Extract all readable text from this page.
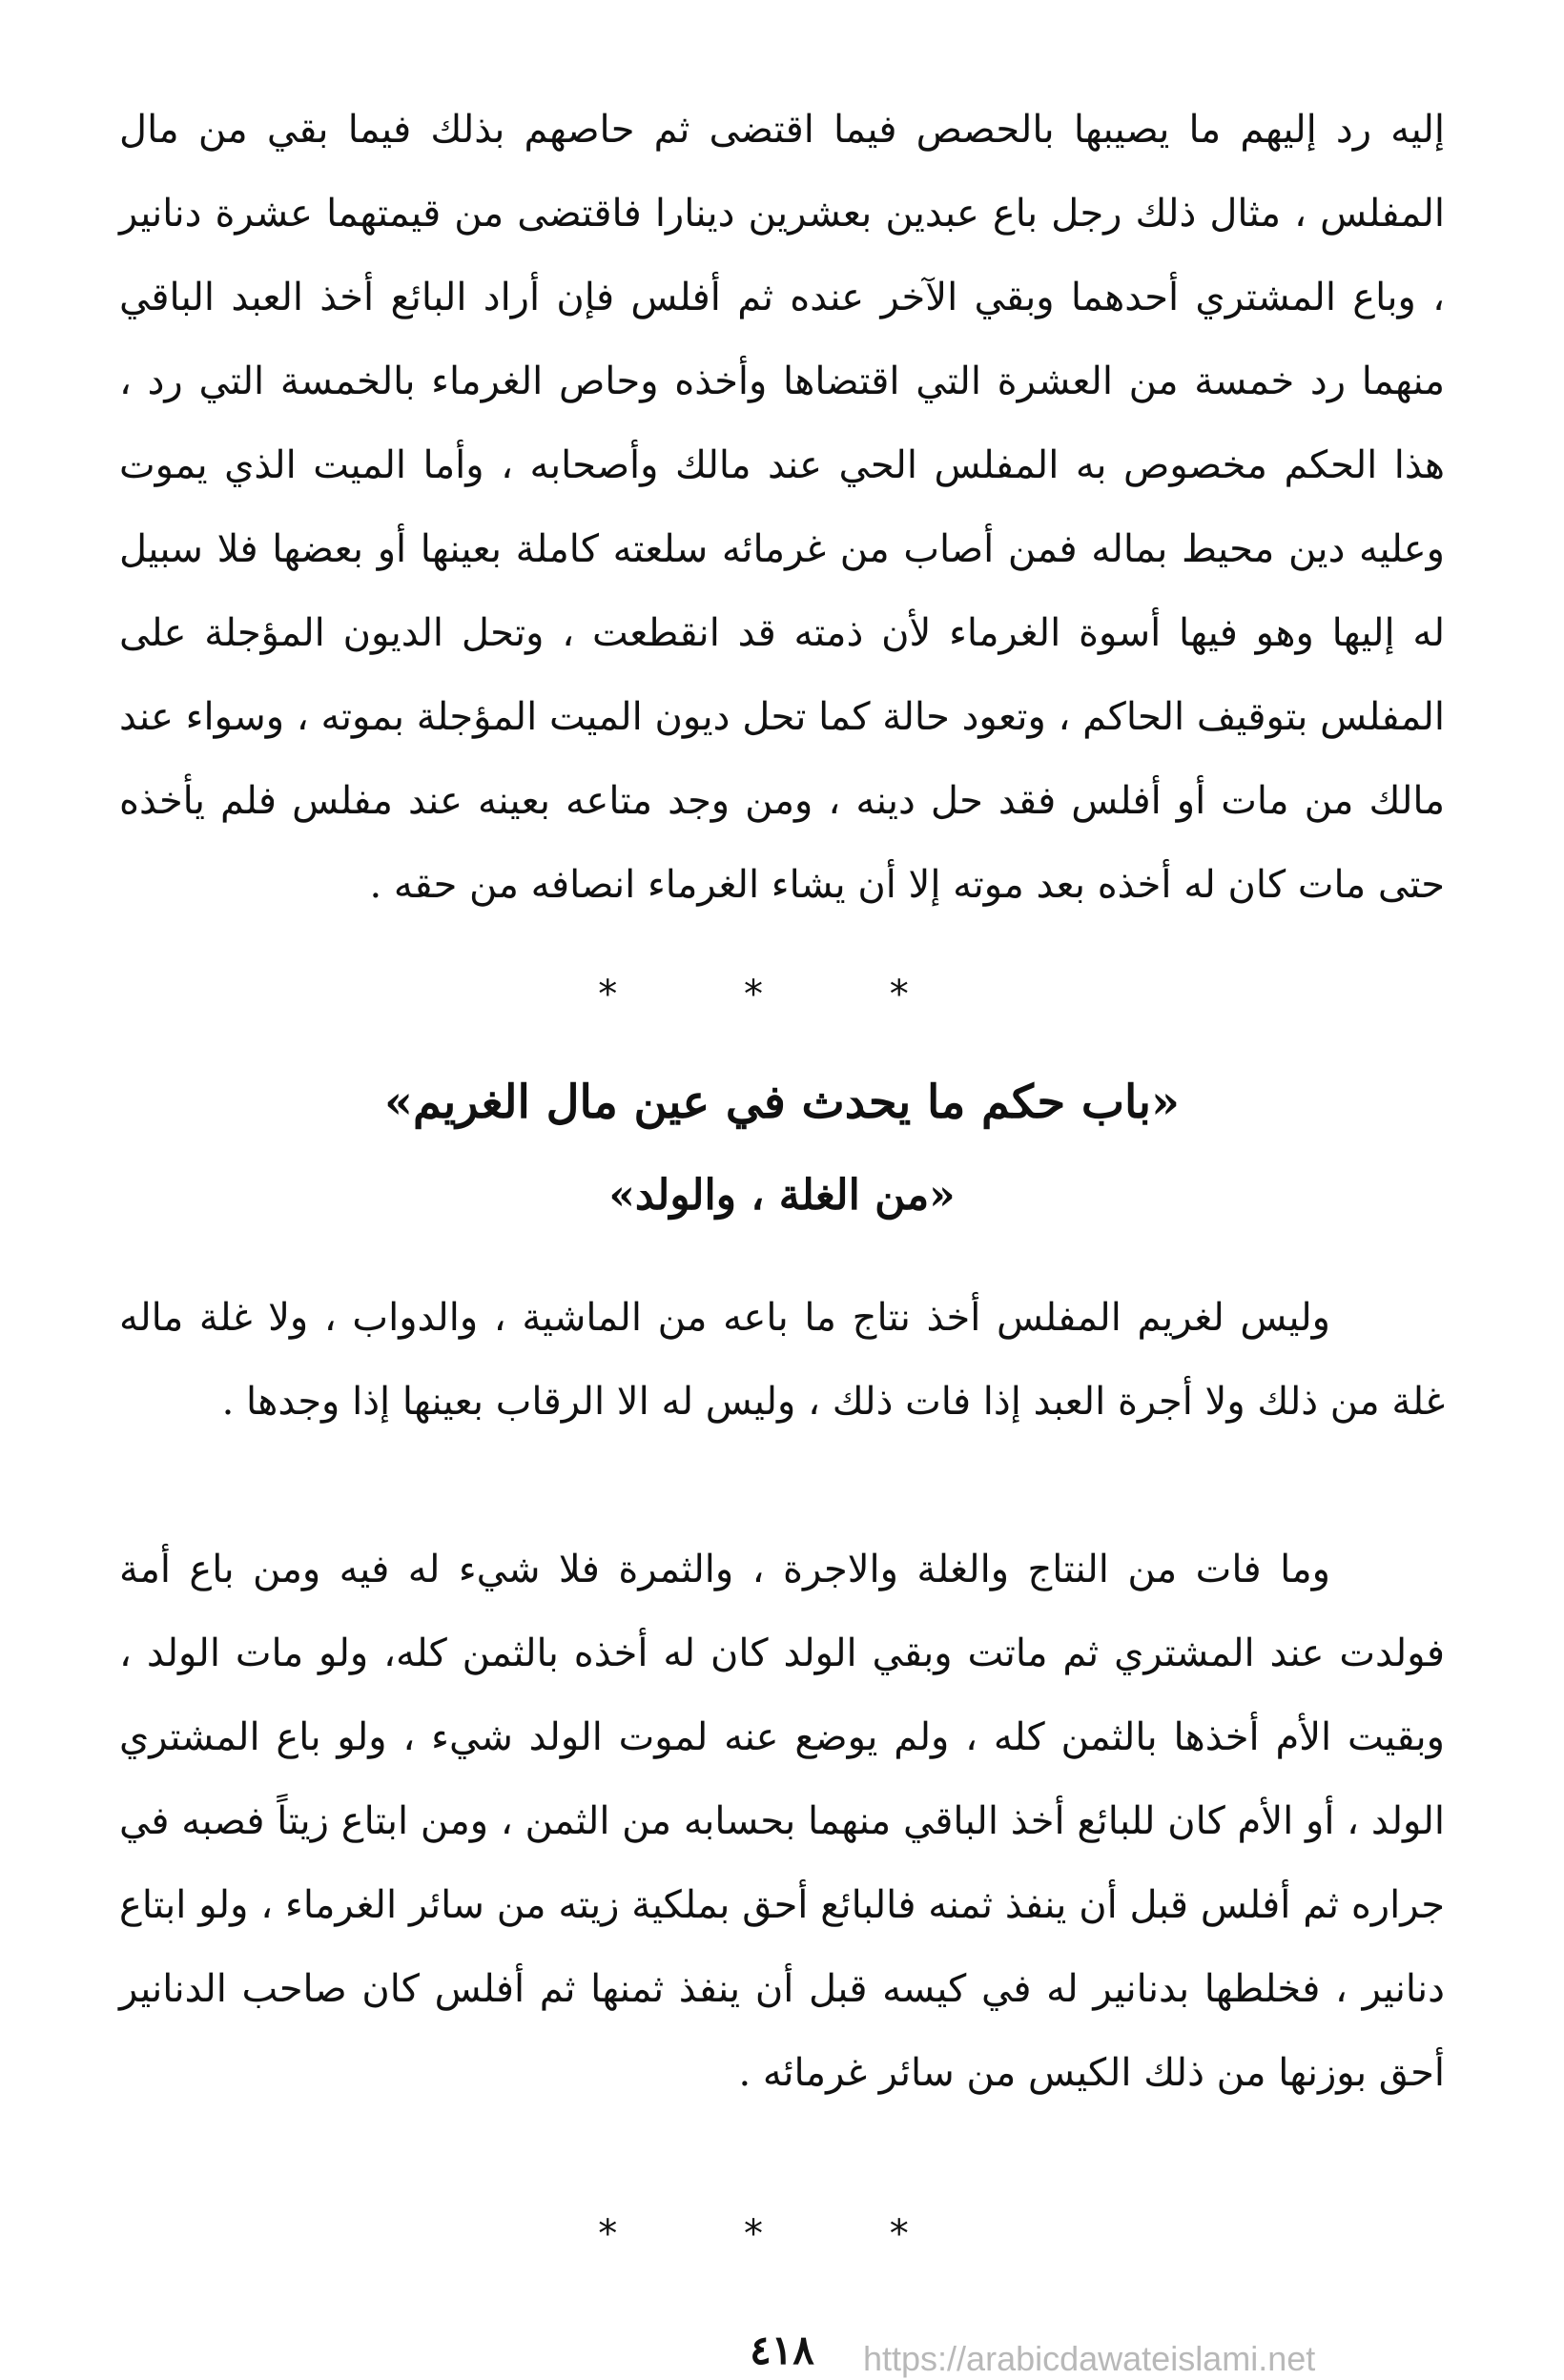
إليه رد إليهم ما يصيبها بالحصص فيما اقتضى ثم حاصهم بذلك فيما بقي من مال المفلس ، مثال ذلك رجل باع عبدين بعشرين دينارا فاقتضى من قيمتهما عشرة دنانير ، وباع المشتري أحدهما وبقي الآخر عنده ثم أفلس فإن أراد البائع أخذ العبد الباقي منهما رد خمسة من العشرة التي اقتضاها وأخذه وحاص الغرماء بالخمسة التي رد ، هذا الحكم مخصوص به المفلس الحي عند مالك وأصحابه ، وأما الميت الذي يموت وعليه دين محيط بماله فمن أصاب من غرمائه سلعته كاملة بعينها أو بعضها فلا سبيل له إليها وهو فيها أسوة الغرماء لأن ذمته قد انقطعت ، وتحل الديون المؤجلة على المفلس بتوقيف الحاكم ، وتعود حالة كما تحل ديون الميت المؤجلة بموته ، وسواء عند مالك من مات أو أفلس فقد حل دينه ، ومن وجد متاعه بعينه عند مفلس فلم يأخذه حتى مات كان له أخذه بعد موته إلا أن يشاء الغرماء انصافه من حقه .

* * *
«باب حكم ما يحدث في عين مال الغريم»
«من الغلة ، والولد»

وليس لغريم المفلس أخذ نتاج ما باعه من الماشية ، والدواب ، ولا غلة ماله غلة من ذلك ولا أجرة العبد إذا فات ذلك ، وليس له الا الرقاب بعينها إذا وجدها .

وما فات من النتاج والغلة والاجرة ، والثمرة فلا شيء له فيه ومن باع أمة فولدت عند المشتري ثم ماتت وبقي الولد كان له أخذه بالثمن كله، ولو مات الولد ، وبقيت الأم أخذها بالثمن كله ، ولم يوضع عنه لموت الولد شيء ، ولو باع المشتري الولد ، أو الأم كان للبائع أخذ الباقي منهما بحسابه من الثمن ، ومن ابتاع زيتاً فصبه في جراره ثم أفلس قبل أن ينفذ ثمنه فالبائع أحق بملكية زيته من سائر الغرماء ، ولو ابتاع دنانير ، فخلطها بدنانير له في كيسه قبل أن ينفذ ثمنها ثم أفلس كان صاحب الدنانير أحق بوزنها من ذلك الكيس من سائر غرمائه .

* * *
٤١٨	https://arabicdawateislami.net
